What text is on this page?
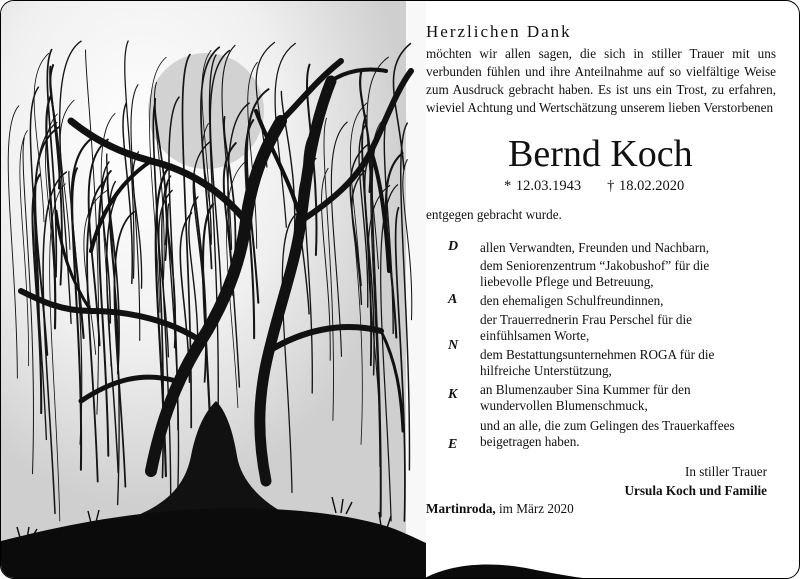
Herzlichen Dank
möchten wir allen sagen, die sich in stiller Trauer mit uns verbunden fühlen und ihre Anteilnahme auf so vielfältige Weise zum Ausdruck gebracht haben. Es ist uns ein Trost, zu erfahren, wieviel Achtung und Wertschätzung unserem lieben Verstorbenen
Bernd Koch
* 12.03.1943 † 18.02.2020
entgegen gebracht wurde.
D allen Verwandten, Freunden und Nachbarn,
dem Seniorenzentrum “Jakobushof” für die liebevolle Pflege und Betreuung,
A den ehemaligen Schulfreundinnen,
der Trauerrednerin Frau Perschel für die einfühlsamen Worte,
N
dem Bestattungsunternehmen ROGA für die hilfreiche Unterstützung,
K an Blumenzauber Sina Kummer für den wundervollen Blumenschmuck,
E
und an alle, die zum Gelingen des Trauerkaffees beigetragen haben.
In stiller Trauer
Ursula Koch und Familie
Martinroda, im März 2020
